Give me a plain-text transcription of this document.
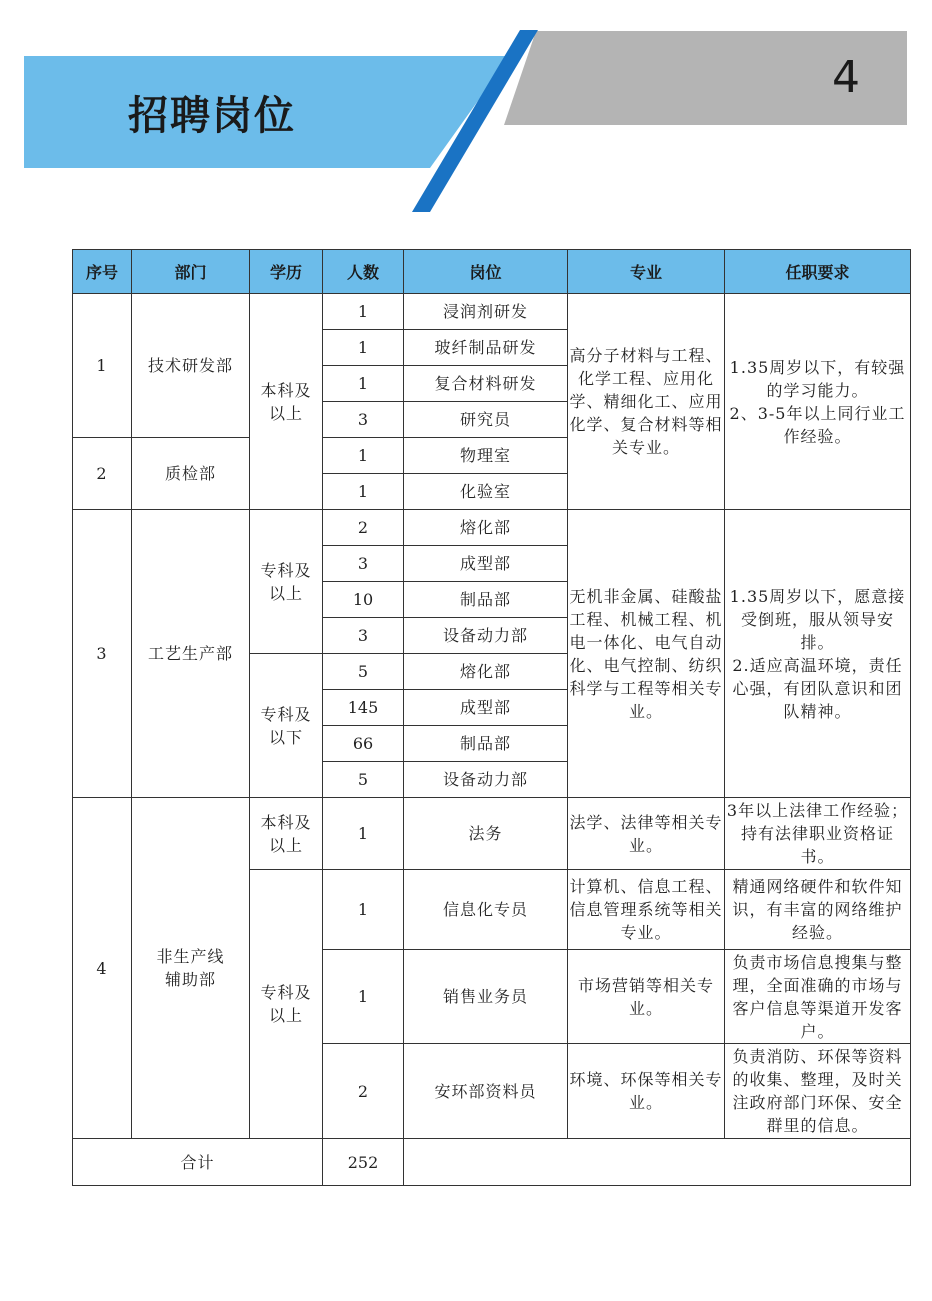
招聘岗位
4
序号	部门	学历	人数	岗位	专业	任职要求
1	技术研发部	本科及以上	1	浸润剂研发	高分子材料与工程、化学工程、应用化学、精细化工、应用化学、复合材料等相关专业。	1.35周岁以下，有较强的学习能力。
2、3-5年以上同行业工作经验。
			1	玻纤制品研发		
			1	复合材料研发		
			3	研究员		
2	质检部		1	物理室		
			1	化验室		
3	工艺生产部	专科及以上	2	熔化部	无机非金属、硅酸盐工程、机械工程、机电一体化、电气自动化、电气控制、纺织科学与工程等相关专业。	1.35周岁以下，愿意接受倒班，服从领导安排。
2.适应高温环境，责任心强，有团队意识和团队精神。
			3	成型部		
			10	制品部		
			3	设备动力部		
		专科及以下	5	熔化部		
			145	成型部		
			66	制品部		
			5	设备动力部		
4	非生产线辅助部	本科及以上	1	法务	法学、法律等相关专业。	3年以上法律工作经验；持有法律职业资格证书。
		专科及以上	1	信息化专员	计算机、信息工程、信息管理系统等相关专业。	精通网络硬件和软件知识，有丰富的网络维护经验。
			1	销售业务员	市场营销等相关专业。	负责市场信息搜集与整理，全面准确的市场与客户信息等渠道开发客户。
			2	安环部资料员	环境、环保等相关专业。	负责消防、环保等资料的收集、整理，及时关注政府部门环保、安全群里的信息。
合计			252			
